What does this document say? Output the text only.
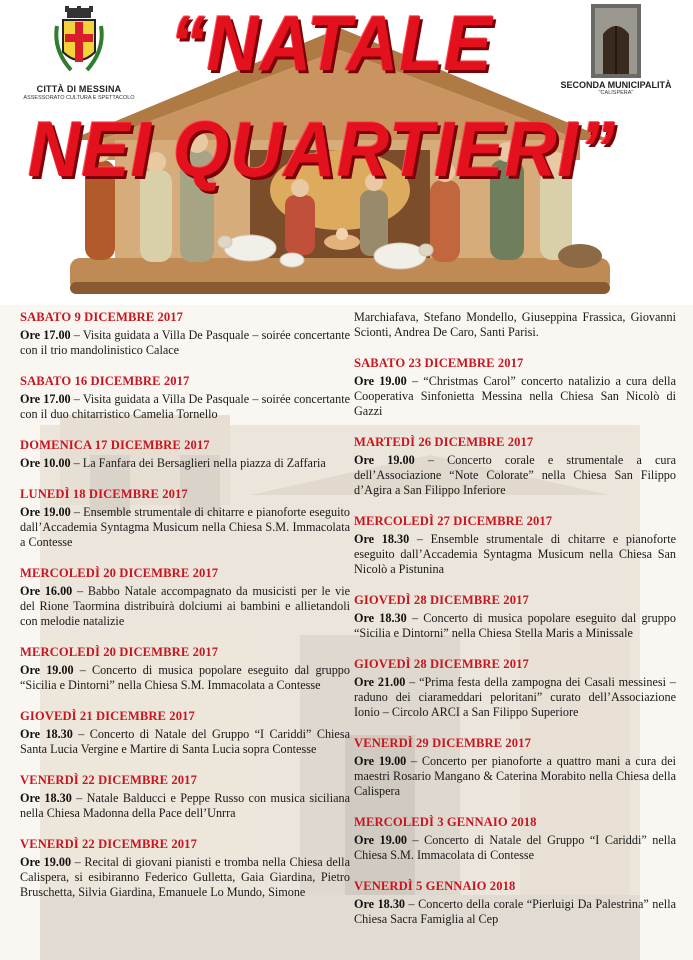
CITTÀ DI MESSINA
ASSESSORATO CULTURA E SPETTACOLO
SECONDA MUNICIPALITÀ
"CALISPERA"
“NATALE
NEI QUARTIERI”
SABATO 9 DICEMBRE 2017
Ore 17.00 – Visita guidata a Villa De Pasquale – soirée concertante con il trio mandolinistico Calace
SABATO 16 DICEMBRE 2017
Ore 17.00 – Visita guidata a Villa De Pasquale – soirée concertante con il duo chitarristico Camelia Tornello
DOMENICA 17 DICEMBRE 2017
Ore 10.00 – La Fanfara dei Bersaglieri nella piazza di Zaffaria
LUNEDÌ 18 DICEMBRE 2017
Ore 19.00 – Ensemble strumentale di chitarre e pianoforte eseguito dall’Accademia Syntagma Musicum nella Chiesa S.M. Immacolata a Contesse
MERCOLEDÌ 20 DICEMBRE 2017
Ore 16.00 – Babbo Natale accompagnato da musicisti per le vie del Rione Taormina distribuirà dolciumi ai bambini e allietandoli con melodie natalizie
MERCOLEDÌ 20 DICEMBRE 2017
Ore 19.00 – Concerto di musica popolare eseguito dal gruppo “Sicilia e Dintorni” nella Chiesa S.M. Immacolata a Contesse
GIOVEDÌ 21 DICEMBRE 2017
Ore 18.30 – Concerto di Natale del Gruppo “I Cariddi” Chiesa Santa Lucia Vergine e Martire di Santa Lucia sopra Contesse
VENERDÌ 22 DICEMBRE 2017
Ore 18.30 – Natale Balducci e Peppe Russo con musica siciliana nella Chiesa Madonna della Pace dell’Unrra
VENERDÌ 22 DICEMBRE 2017
Ore 19.00 – Recital di giovani pianisti e tromba nella Chiesa della Calispera, si esibiranno Federico Gulletta, Gaia Giardina, Pietro Bruschetta, Silvia Giardina, Emanuele Lo Mundo, Simone
Marchiafava, Stefano Mondello, Giuseppina Frassica, Giovanni Scionti, Andrea De Caro, Santi Parisi.
SABATO 23 DICEMBRE 2017
Ore 19.00 – “Christmas Carol” concerto natalizio a cura della Cooperativa Sinfonietta Messina nella Chiesa San Nicolò di Gazzi
MARTEDÌ 26 DICEMBRE 2017
Ore 19.00 – Concerto corale e strumentale a cura dell’Associazione “Note Colorate” nella Chiesa San Filippo d’Agira a San Filippo Inferiore
MERCOLEDÌ 27 DICEMBRE 2017
Ore 18.30 – Ensemble strumentale di chitarre e pianoforte eseguito dall’Accademia Syntagma Musicum nella Chiesa San Nicolò a Pistunina
GIOVEDÌ 28 DICEMBRE 2017
Ore 18.30 – Concerto di musica popolare eseguito dal gruppo “Sicilia e Dintorni” nella Chiesa Stella Maris a Minissale
GIOVEDÌ 28 DICEMBRE 2017
Ore 21.00 – “Prima festa della zampogna dei Casali messinesi – raduno dei ciarameddari peloritani” curato dell’Associazione Ionio – Circolo ARCI a San Filippo Superiore
VENERDÌ 29 DICEMBRE 2017
Ore 19.00 – Concerto per pianoforte a quattro mani a cura dei maestri Rosario Mangano & Caterina Morabito nella Chiesa della Calispera
MERCOLEDÌ 3 GENNAIO 2018
Ore 19.00 – Concerto di Natale del Gruppo “I Cariddi” nella Chiesa S.M. Immacolata di Contesse
VENERDÌ 5 GENNAIO 2018
Ore 18.30 – Concerto della corale “Pierluigi Da Palestrina” nella Chiesa Sacra Famiglia al Cep
